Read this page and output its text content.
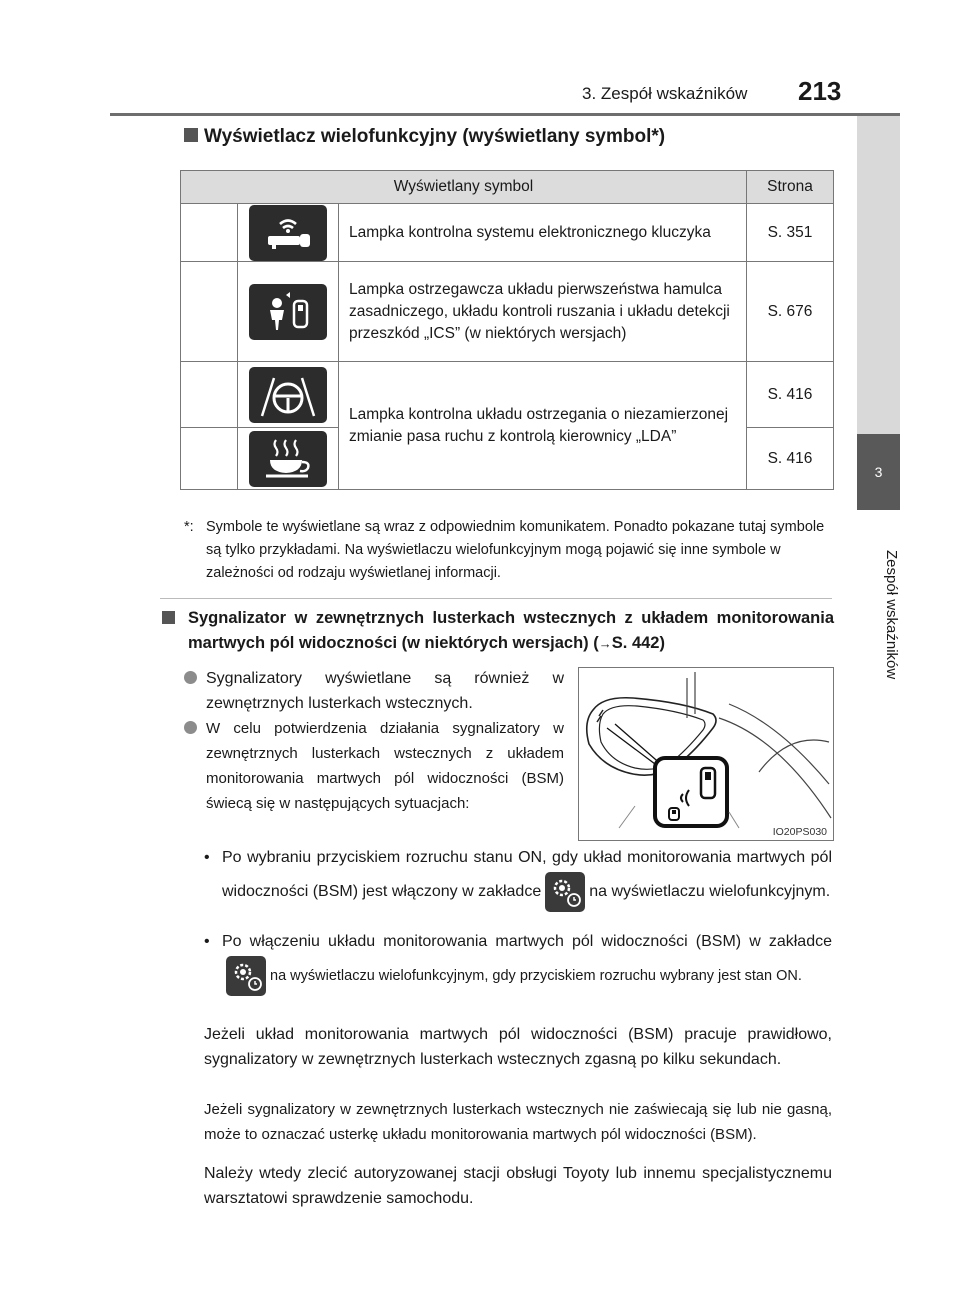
3. Zespół wskaźników 213
3
Zespół wskaźników
Wyświetlacz wielofunkcyjny (wyświetlany symbol*)
Wyświetlany symbol			Strona

	Lampka kontrolna systemu elektronicznego kluczyka	S. 351

	Lampka ostrzegawcza układu pierwszeństwa hamulca zasadniczego, układu kontroli ruszania i układu detekcji przeszkód „ICS” (w niektórych wersjach)	S. 676

	Lampka kontrolna układu ostrzegania o niezamierzonej zmianie pasa ruchu z kontrolą kierownicy „LDA”	S. 416

	S. 416
*: Symbole te wyświetlane są wraz z odpowiednim komunikatem. Ponadto pokazane tutaj symbole są tylko przykładami. Na wyświetlaczu wielofunkcyjnym mogą pojawić się inne symbole w zależności od rodzaju wyświetlanej informacji.
Sygnalizator w zewnętrznych lusterkach wstecznych z układem monitorowania martwych pól widoczności (w niektórych wersjach) (→S. 442)
Sygnalizatory wyświetlane są również w zewnętrznych lusterkach wstecznych.
W celu potwierdzenia działania sygnalizatory w zewnętrznych lusterkach wstecznych z układem monitorowania martwych pól widoczności (BSM) świecą się w następujących sytuacjach:
IO20PS030
• Po wybraniu przyciskiem rozruchu stanu ON, gdy układ monitorowania martwych pól widoczności (BSM) jest włączony w zakładce	na wyświetlaczu wielofunkcyjnym.
• Po włączeniu układu monitorowania martwych pól widoczności (BSM) w zakładcena wyświetlaczu wielofunkcyjnym, gdy przyciskiem rozruchu wybrany jest stan ON.
Jeżeli układ monitorowania martwych pól widoczności (BSM) pracuje prawidłowo, sygnalizatory w zewnętrznych lusterkach wstecznych zgasną po kilku sekundach.
Jeżeli sygnalizatory w zewnętrznych lusterkach wstecznych nie zaświecają się lub nie gasną, może to oznaczać usterkę układu monitorowania martwych pól widoczności (BSM).
Należy wtedy zlecić autoryzowanej stacji obsługi Toyoty lub innemu specjalistycznemu warsztatowi sprawdzenie samochodu.
